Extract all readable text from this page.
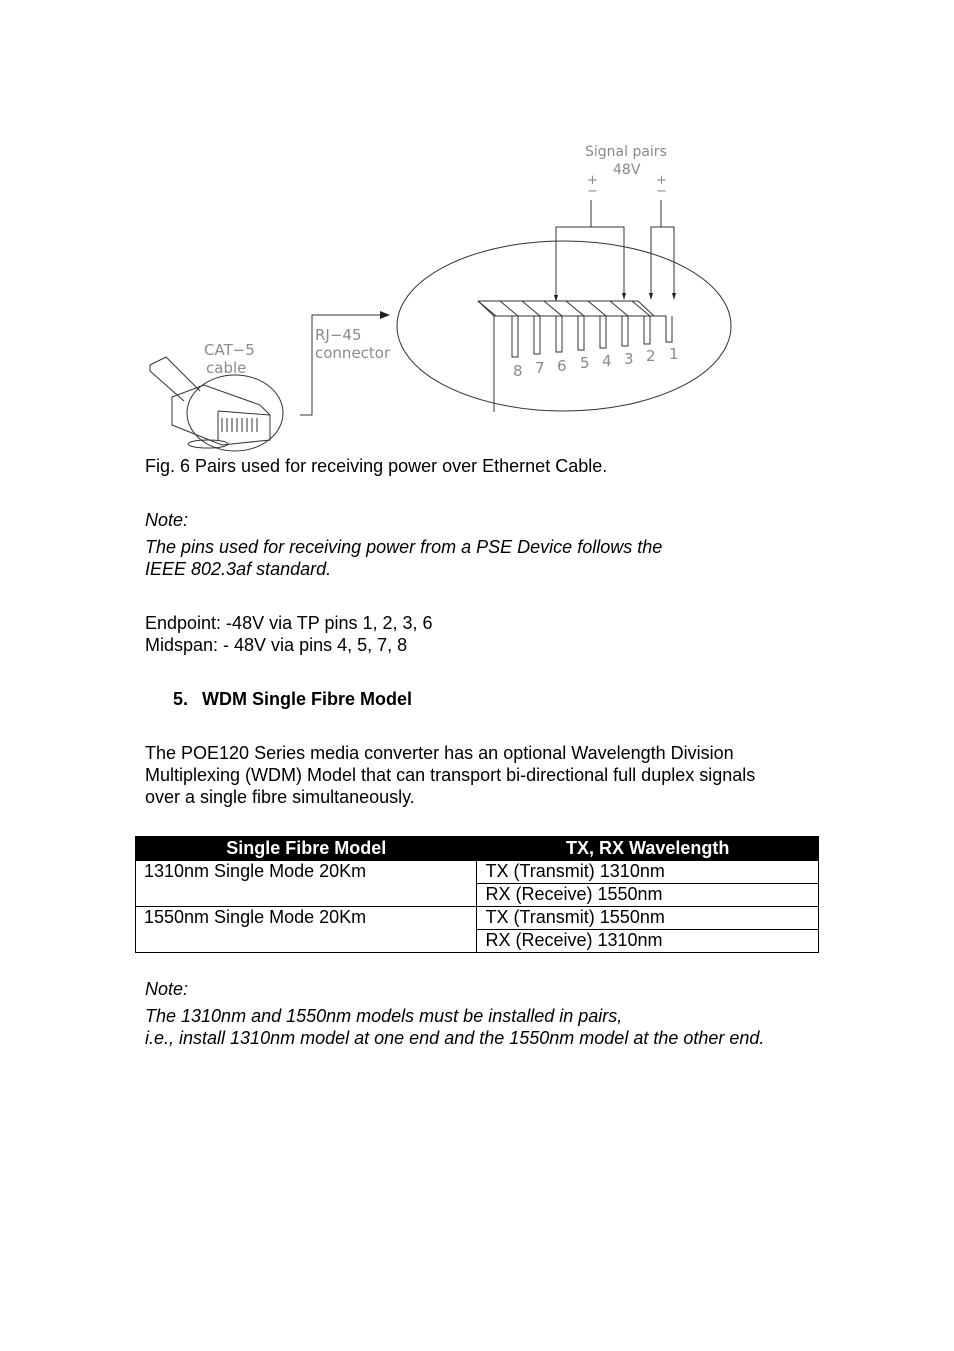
Signal pairs
48V
+
−
+
−
CAT−5
cable
RJ−45
connector
8 7 6 5 4 3 2 1
Fig. 6 Pairs used for receiving power over Ethernet Cable.
Note:
The pins used for receiving power from a PSE Device follows the
IEEE 802.3af standard.
Endpoint: -48V via TP pins 1, 2, 3, 6
Midspan: - 48V via pins 4, 5, 7, 8
5. WDM Single Fibre Model
The POE120 Series media converter has an optional Wavelength Division
Multiplexing (WDM) Model that can transport bi-directional full duplex signals
over a single fibre simultaneously.
Single Fibre Model	TX, RX Wavelength
1310nm Single Mode 20Km	TX (Transmit) 1310nm
	RX (Receive) 1550nm
1550nm Single Mode 20Km	TX (Transmit) 1550nm
	RX (Receive) 1310nm
Note:
The 1310nm and 1550nm models must be installed in pairs,
i.e., install 1310nm model at one end and the 1550nm model at the other end.
